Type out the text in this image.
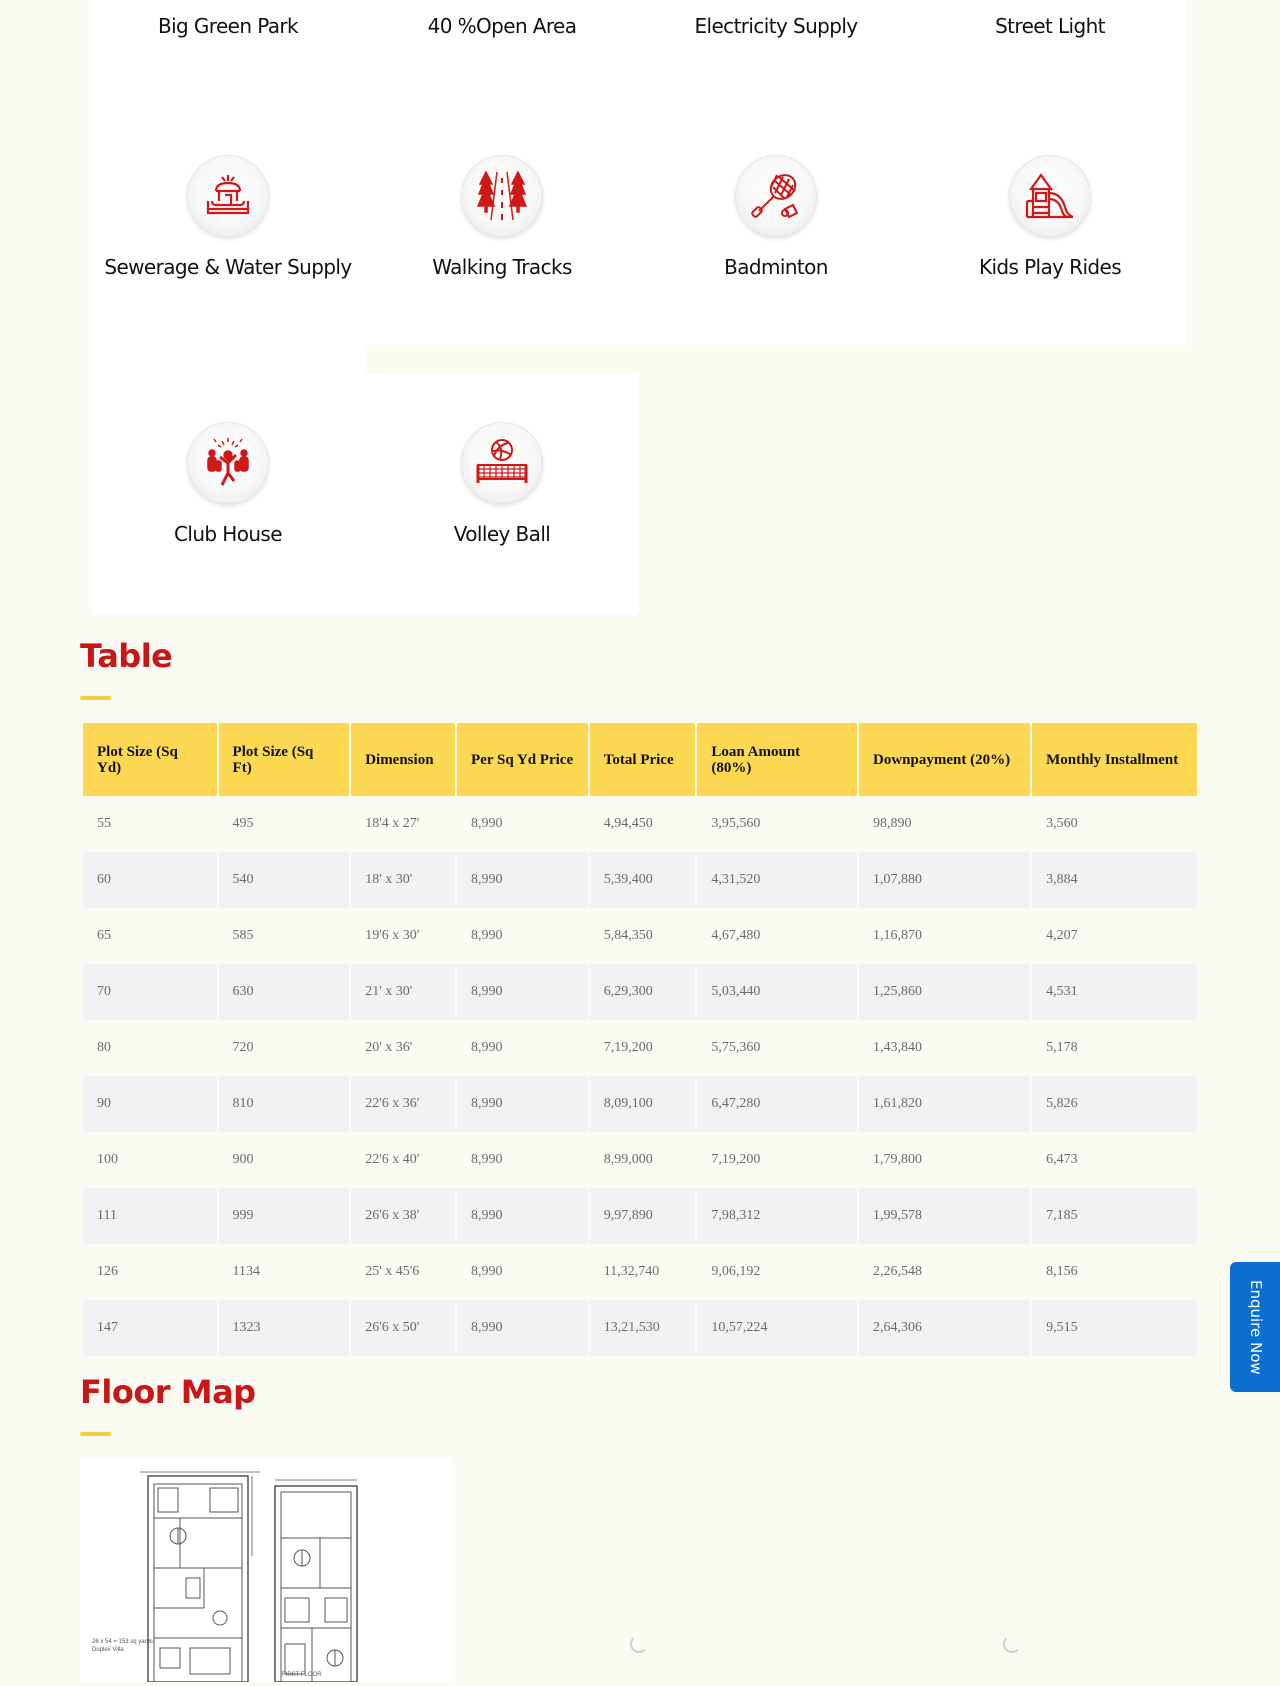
Big Green Park	40 %Open Area	Electricity Supply	Street Light
Sewerage & Water Supply	Walking Tracks	Badminton	Kids Play Rides
Club House	Volley Ball
Table
Plot Size (Sq Yd)	Plot Size (Sq Ft)	Dimension	Per Sq Yd Price	Total Price	Loan Amount (80%)	Downpayment (20%)	Monthly Installment
55	495	18'4 x 27'	8,990	4,94,450	3,95,560	98,890	3,560
60	540	18' x 30'	8,990	5,39,400	4,31,520	1,07,880	3,884
65	585	19'6 x 30'	8,990	5,84,350	4,67,480	1,16,870	4,207
70	630	21' x 30'	8,990	6,29,300	5,03,440	1,25,860	4,531
80	720	20' x 36'	8,990	7,19,200	5,75,360	1,43,840	5,178
90	810	22'6 x 36'	8,990	8,09,100	6,47,280	1,61,820	5,826
100	900	22'6 x 40'	8,990	8,99,000	7,19,200	1,79,800	6,473
111	999	26'6 x 38'	8,990	9,97,890	7,98,312	1,99,578	7,185
126	1134	25' x 45'6	8,990	11,32,740	9,06,192	2,26,548	8,156
147	1323	26'6 x 50'	8,990	13,21,530	10,57,224	2,64,306	9,515
Floor Map
26 x 54 = 153 sq yards Duplex Villa
FIRST FLOOR
Enquire Now
